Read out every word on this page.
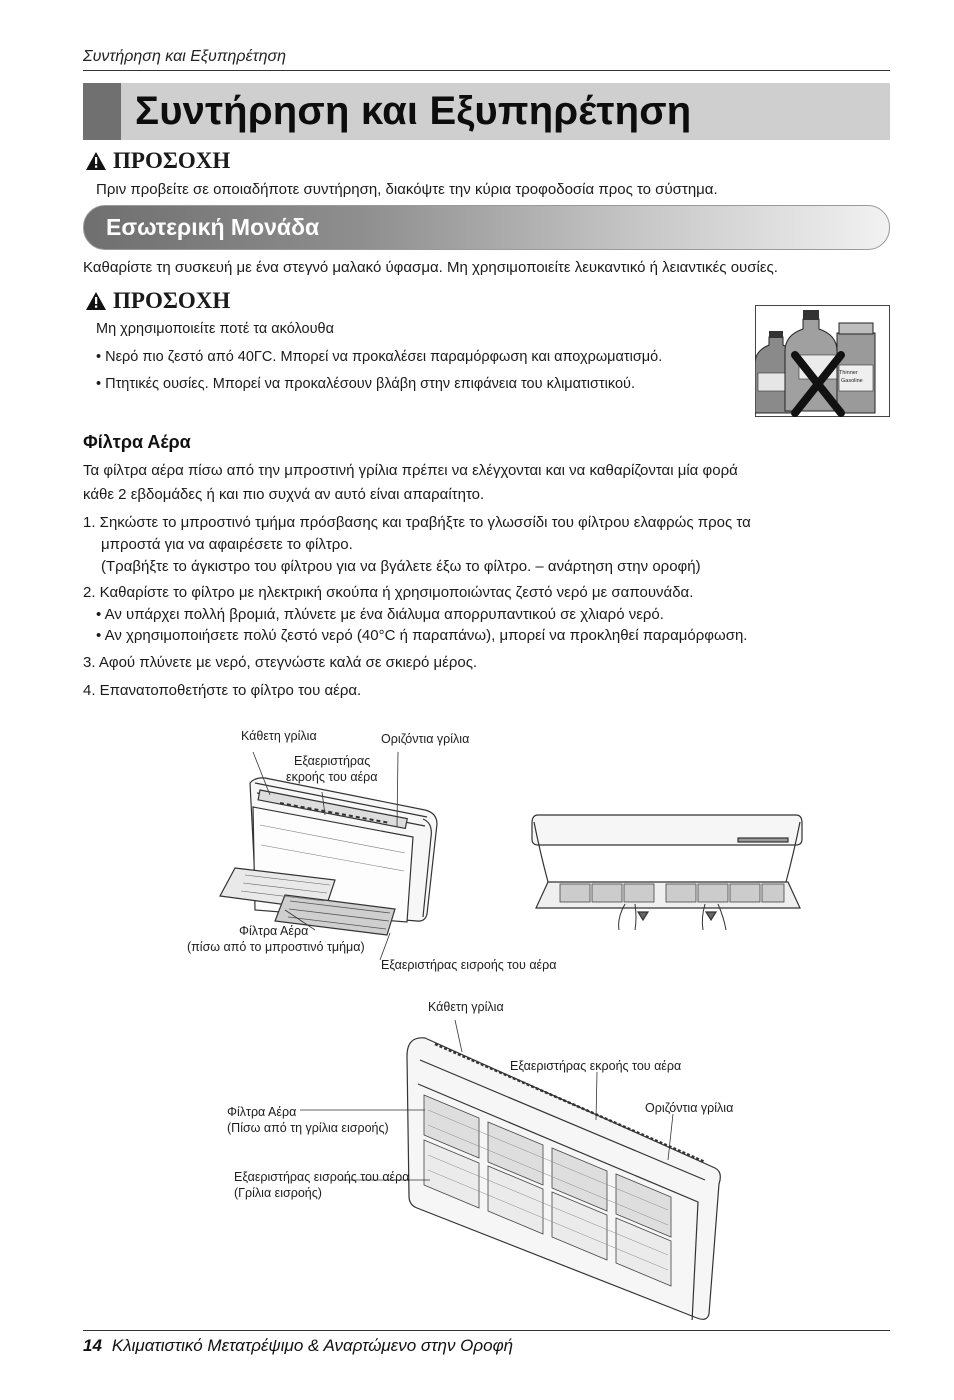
Συντήρηση και Εξυπηρέτηση
Συντήρηση και Εξυπηρέτηση
ΠΡΟΣΟΧΗ
Πριν προβείτε σε οποιαδήποτε συντήρηση, διακόψτε την κύρια τροφοδοσία προς το σύστημα.
Εσωτερική Μονάδα
Καθαρίστε τη συσκευή με ένα στεγνό μαλακό ύφασμα. Μη χρησιμοποιείτε λευκαντικό ή λειαντικές ουσίες.
ΠΡΟΣΟΧΗ
Μη χρησιμοποιείτε ποτέ τα ακόλουθα
• Νερό πιο ζεστό από 40ΓC. Μπορεί να προκαλέσει παραμόρφωση και αποχρωματισμό.
• Πτητικές ουσίες. Μπορεί να προκαλέσουν βλάβη στην επιφάνεια του κλιματιστικού.
Thinner
Gasoline
Φίλτρα Αέρα
Τα φίλτρα αέρα πίσω από την μπροστινή γρίλια πρέπει να ελέγχονται και να καθαρίζονται μία φορά
κάθε 2 εβδομάδες ή και πιο συχνά αν αυτό είναι απαραίτητο.
1. Σηκώστε το μπροστινό τμήμα πρόσβασης και τραβήξτε το γλωσσίδι του φίλτρου ελαφρώς προς τα
μπροστά για να αφαιρέσετε το φίλτρο.
(Τραβήξτε το άγκιστρο του φίλτρου για να βγάλετε έξω το φίλτρο. – ανάρτηση στην οροφή)
2. Καθαρίστε το φίλτρο με ηλεκτρική σκούπα ή χρησιμοποιώντας ζεστό νερό με σαπουνάδα.
• Αν υπάρχει πολλή βρομιά, πλύνετε με ένα διάλυμα απορρυπαντικού σε χλιαρό νερό.
• Αν χρησιμοποιήσετε πολύ ζεστό νερό (40°C ή παραπάνω), μπορεί να προκληθεί παραμόρφωση.
3. Αφού πλύνετε με νερό, στεγνώστε καλά σε σκιερό μέρος.
4. Επανατοποθετήστε το φίλτρο του αέρα.
Κάθετη γρίλια	Οριζόντια γρίλια
Εξαεριστήρας
εκροής του αέρα
Φίλτρα Αέρα
(πίσω από το μπροστινό τμήμα)
Εξαεριστήρας εισροής του αέρα
Κάθετη γρίλια
Εξαεριστήρας εκροής του αέρα
Οριζόντια γρίλια
Φίλτρα Αέρα
(Πίσω από τη γρίλια εισροής)
Εξαεριστήρας εισροής του αέρα
(Γρίλια εισροής)
14 Κλιματιστικό Μετατρέψιμο & Αναρτώμενο στην Οροφή
